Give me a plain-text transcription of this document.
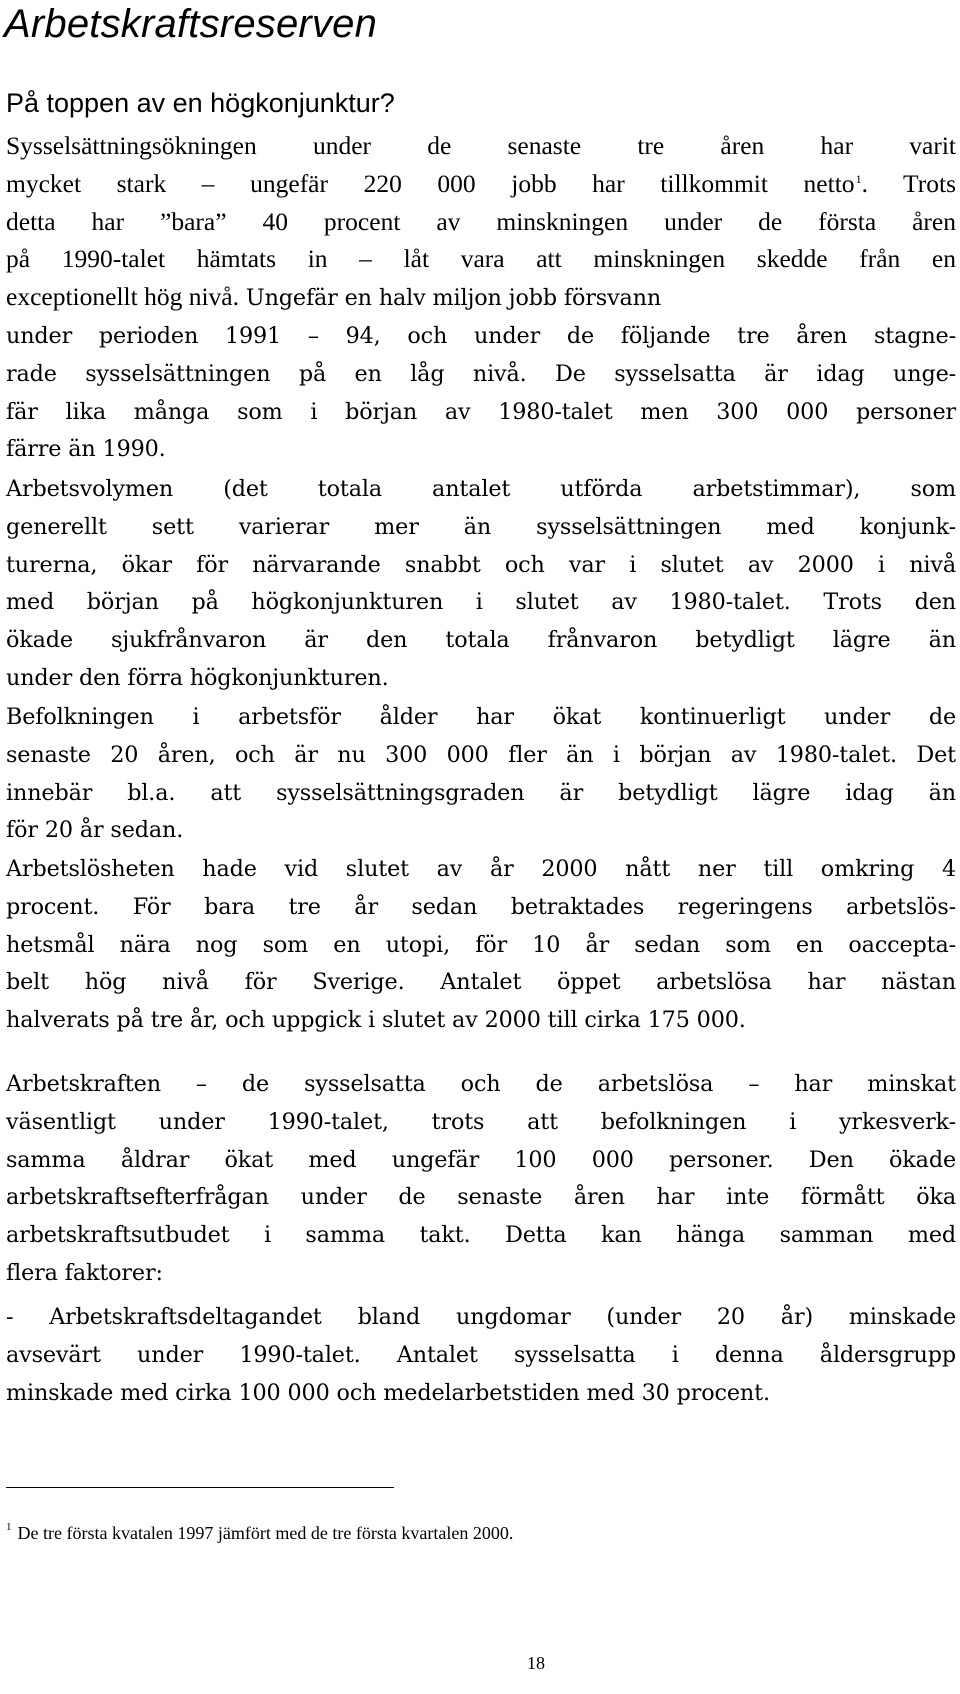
Arbetskraftsreserven
På toppen av en högkonjunktur?
Sysselsättningsökningen under de senaste tre åren har varit
mycket stark – ungefär 220 000 jobb har tillkommit netto$^1$. Trots
detta har ”bara” 40 procent av minskningen under de första åren
på 1990-talet hämtats in – låt vara att minskningen skedde från en
exceptionellt hög nivå. Ungefär en halv miljon jobb försvann
under perioden 1991 – 94, och under de följande tre åren stagne-
rade sysselsättningen på en låg nivå. De sysselsatta är idag unge-
fär lika många som i början av 1980-talet men 300 000 personer
färre än 1990.
Arbetsvolymen (det totala antalet utförda arbetstimmar), som
generellt sett varierar mer än sysselsättningen med konjunk-
turerna, ökar för närvarande snabbt och var i slutet av 2000 i nivå
med början på högkonjunkturen i slutet av 1980-talet. Trots den
ökade sjukfrånvaron är den totala frånvaron betydligt lägre än
under den förra högkonjunkturen.
Befolkningen i arbetsför ålder har ökat kontinuerligt under de
senaste 20 åren, och är nu 300 000 fler än i början av 1980-talet. Det
innebär bl.a. att sysselsättningsgraden är betydligt lägre idag än
för 20 år sedan.
Arbetslösheten hade vid slutet av år 2000 nått ner till omkring 4
procent. För bara tre år sedan betraktades regeringens arbetslös-
hetsmål nära nog som en utopi, för 10 år sedan som en oaccepta-
belt hög nivå för Sverige. Antalet öppet arbetslösa har nästan
halverats på tre år, och uppgick i slutet av 2000 till cirka 175 000.
Arbetskraften – de sysselsatta och de arbetslösa – har minskat
väsentligt under 1990-talet, trots att befolkningen i yrkesverk-
samma åldrar ökat med ungefär 100 000 personer. Den ökade
arbetskraftsefterfrågan under de senaste åren har inte förmått öka
arbetskraftsutbudet i samma takt. Detta kan hänga samman med
flera faktorer:
- Arbetskraftsdeltagandet bland ungdomar (under 20 år) minskade
avsevärt under 1990-talet. Antalet sysselsatta i denna åldersgrupp
minskade med cirka 100 000 och medelarbetstiden med 30 procent.

$^1$ De tre första kvatalen 1997 jämfört med de tre första kvartalen 2000.

18
